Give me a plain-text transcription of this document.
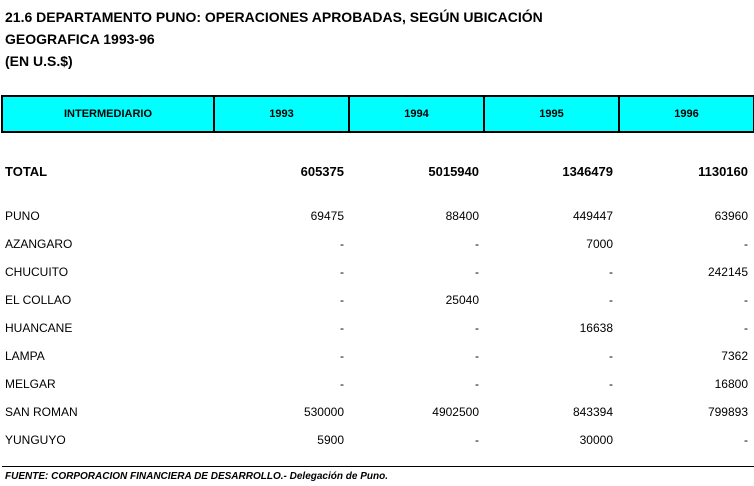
21.6 DEPARTAMENTO PUNO: OPERACIONES APROBADAS, SEGÚN UBICACIÓN
GEOGRAFICA 1993-96
(EN U.S.$)
INTERMEDIARIO	1993	1994	1995	1996
TOTAL	605375	5015940	1346479	1130160
PUNO	69475	88400	449447	63960
AZANGARO	-	-	7000	-
CHUCUITO	-	-	-	242145
EL COLLAO	-	25040	-	-
HUANCANE	-	-	16638	-
LAMPA	-	-	-	7362
MELGAR	-	-	-	16800
SAN ROMAN	530000	4902500	843394	799893
YUNGUYO	5900	-	30000	-
FUENTE: CORPORACION FINANCIERA DE DESARROLLO.- Delegación de Puno.
